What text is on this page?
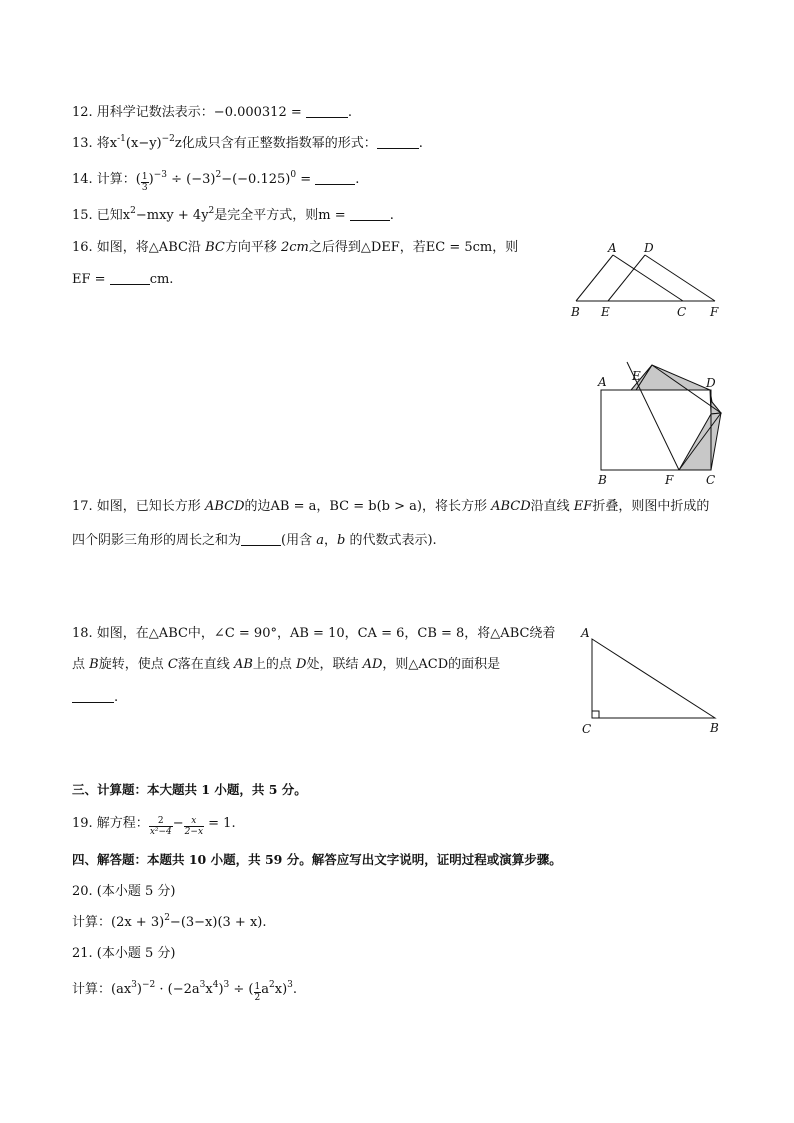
12. 用科学记数法表示：−0.000312 =	.
13. 将$x^{-1}(x-y)^{-2}z$化成只含有正整数指数幂的形式：	.
14. 计算：( $\frac{1}{3} )^{-3} \div (-3)^2-(-0.125)^0$ =	.
15. 已知$x^2-mxy + 4y^2$是完全平方式，则m =	.
16. 如图，将△ABC沿 BC方向平移 2cm之后得到△DEF，若EC = 5cm，则
EF =	cm.
A D
B E	C F
A E	D
B	F	C
17. 如图，已知长方形 ABCD的边AB = a，BC = b(b > a)，将长方形 ABCD沿直线 EF折叠，则图中折成的
四个阴影三角形的周长之和为	(用含 a，b 的代数式表示).
18. 如图，在△ABC中，∠C = 90°，AB = 10，CA = 6，CB = 8，将△ABC绕着
点 B旋转，使点 C落在直线 AB上的点 D处，联结 AD，则△ACD的面积是
.
A
C	B
三、计算题：本大题共 1 小题，共 5 分。
19. 解方程： $\frac{2}{\text{x²−4}} - \frac{x}{2-x} = 1$.
四、解答题：本题共 10 小题，共 59 分。解答应写出文字说明，证明过程或演算步骤。
20. (本小题 5 分)
计算：$(2x + 3)^2-(3-x)(3 + x)$.
21. (本小题 5 分)
计算：$(ax^3)^{-2} \cdot (-2a^3x^4)^3$ ÷ ( $\frac{1}{2} a^2x)^3$.
